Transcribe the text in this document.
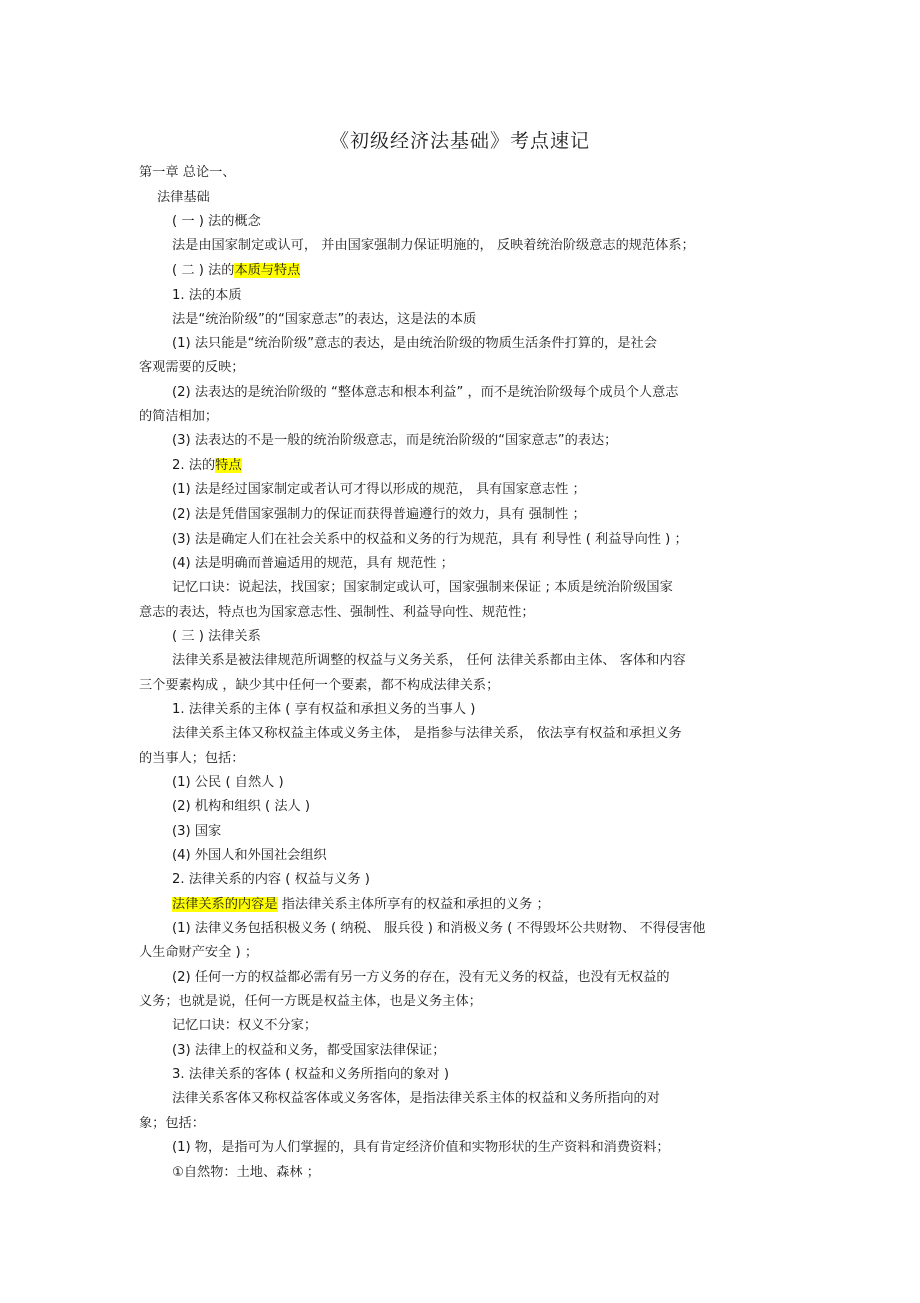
《初级经济法基础》考点速记
第一章 总论一、
法律基础
( 一 ) 法的概念
法是由国家制定或认可， 并由国家强制力保证明施的， 反映着统治阶级意志的规范体系；
( 二 ) 法的本质与特点
1. 法的本质
法是“统治阶级”的“国家意志”的表达，这是法的本质
(1) 法只能是“统治阶级”意志的表达，是由统治阶级的物质生活条件打算的，是社会
客观需要的反映；
(2) 法表达的是统治阶级的 “整体意志和根本利益” ，而不是统治阶级每个成员个人意志
的简洁相加；
(3) 法表达的不是一般的统治阶级意志，而是统治阶级的“国家意志”的表达；
2. 法的特点
(1) 法是经过国家制定或者认可才得以形成的规范， 具有国家意志性 ；
(2) 法是凭借国家强制力的保证而获得普遍遵行的效力，具有 强制性 ；
(3) 法是确定人们在社会关系中的权益和义务的行为规范，具有 利导性 ( 利益导向性 ) ；
(4) 法是明确而普遍适用的规范，具有 规范性 ；
记忆口诀：说起法，找国家；国家制定或认可，国家强制来保证 ; 本质是统治阶级国家
意志的表达，特点也为国家意志性、强制性、利益导向性、规范性；
( 三 ) 法律关系
法律关系是被法律规范所调整的权益与义务关系， 任何 法律关系都由主体、 客体和内容
三个要素构成 ，缺少其中任何一个要素，都不构成法律关系；
1. 法律关系的主体 ( 享有权益和承担义务的当事人 )
法律关系主体又称权益主体或义务主体， 是指参与法律关系， 依法享有权益和承担义务
的当事人；包括：
(1) 公民 ( 自然人 )
(2) 机构和组织 ( 法人 )
(3) 国家
(4) 外国人和外国社会组织
2. 法律关系的内容 ( 权益与义务 )
法律关系的内容是 指法律关系主体所享有的权益和承担的义务 ；
(1) 法律义务包括积极义务 ( 纳税、 服兵役 ) 和消极义务 ( 不得毁坏公共财物、 不得侵害他
人生命财产安全 ) ；
(2) 任何一方的权益都必需有另一方义务的存在，没有无义务的权益，也没有无权益的
义务；也就是说，任何一方既是权益主体，也是义务主体；
记忆口诀：权义不分家；
(3) 法律上的权益和义务，都受国家法律保证；
3. 法律关系的客体 ( 权益和义务所指向的象对 )
法律关系客体又称权益客体或义务客体，是指法律关系主体的权益和义务所指向的对
象；包括：
(1) 物，是指可为人们掌握的，具有肯定经济价值和实物形状的生产资料和消费资料；
①自然物：土地、森林 ；
